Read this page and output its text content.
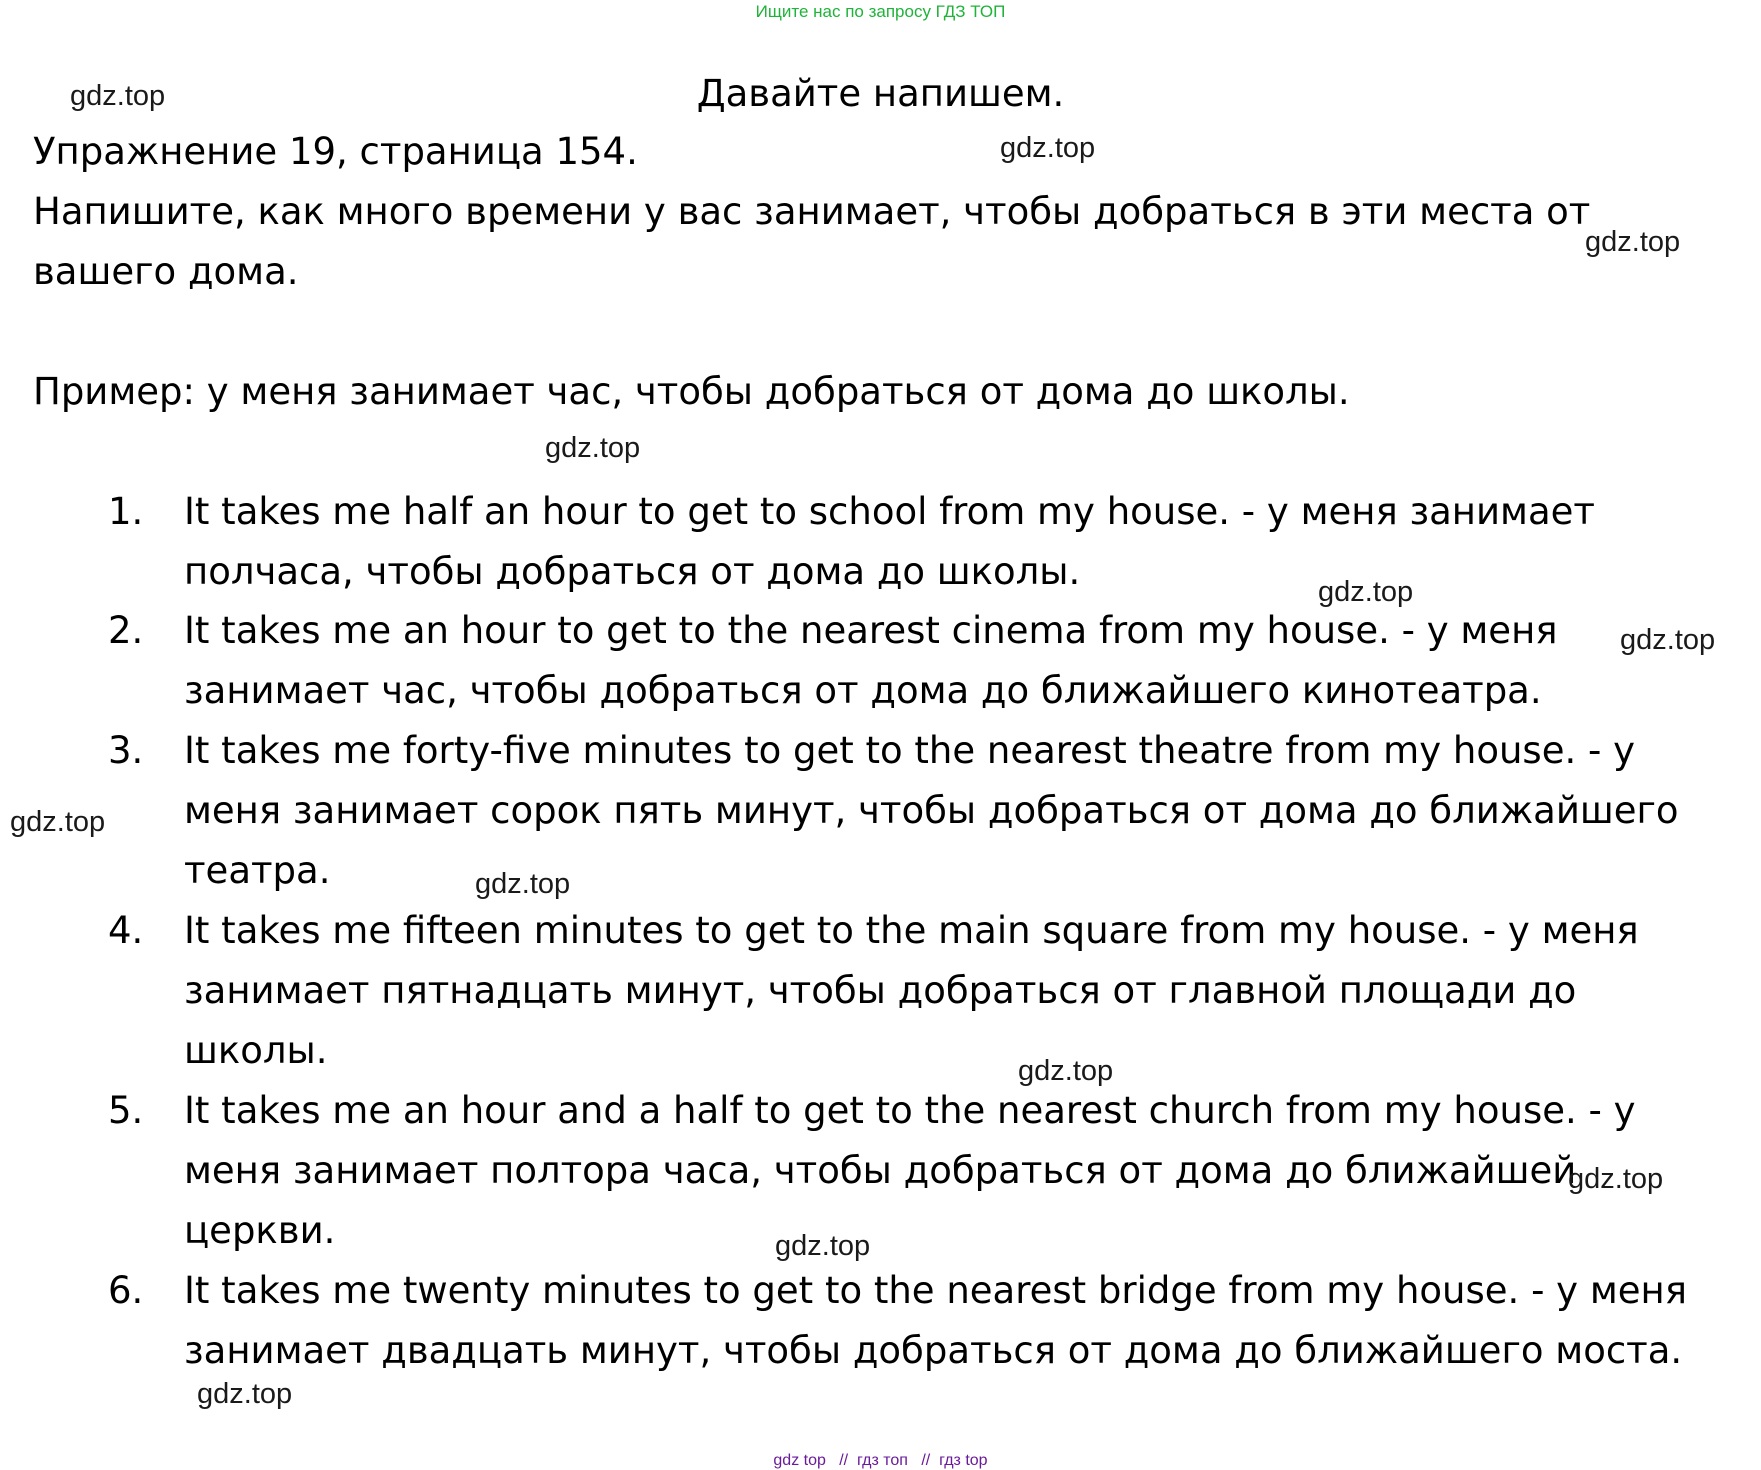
Ищите нас по запросу ГДЗ ТОП
Давайте напишем.
Упражнение 19, страница 154.
Напишите, как много времени у вас занимает, чтобы добраться в эти места от
вашего дома.
Пример: у меня занимает час, чтобы добраться от дома до школы.
1. It takes me half an hour to get to school from my house. - у меня занимает
полчаса, чтобы добраться от дома до школы.
2. It takes me an hour to get to the nearest cinema from my house. - у меня
занимает час, чтобы добраться от дома до ближайшего кинотеатра.
3. It takes me forty-five minutes to get to the nearest theatre from my house. - у
меня занимает сорок пять минут, чтобы добраться от дома до ближайшего
театра.
4. It takes me fifteen minutes to get to the main square from my house. - у меня
занимает пятнадцать минут, чтобы добраться от главной площади до
школы.
5. It takes me an hour and a half to get to the nearest church from my house. - у
меня занимает полтора часа, чтобы добраться от дома до ближайшей
церкви.
6. It takes me twenty minutes to get to the nearest bridge from my house. - у меня
занимает двадцать минут, чтобы добраться от дома до ближайшего моста.
gdz.top
gdz.top
gdz.top
gdz.top
gdz.top
gdz.top
gdz.top
gdz.top
gdz.top
gdz.top
gdz.top
gdz.top
gdz top // гдз топ // гдз top
